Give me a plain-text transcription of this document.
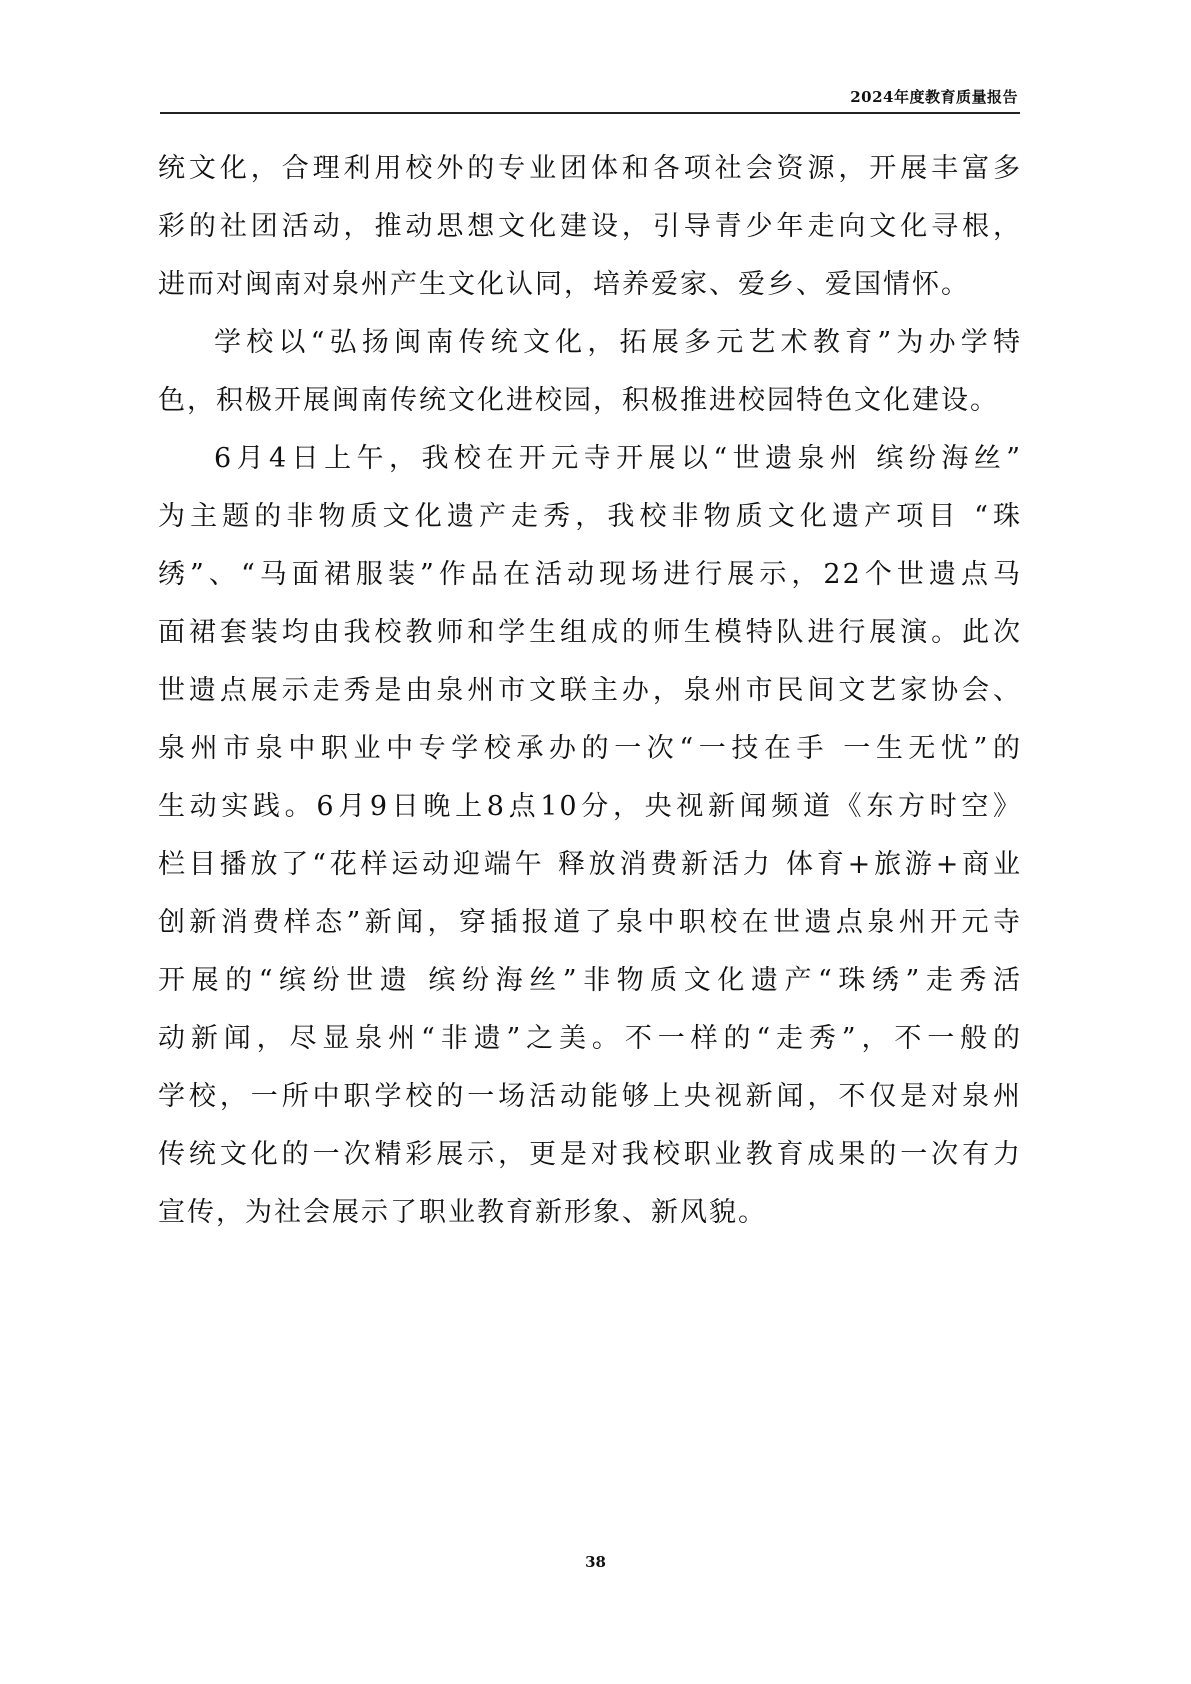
2024年度教育质量报告
统文化，合理利用校外的专业团体和各项社会资源，开展丰富多
彩的社团活动，推动思想文化建设，引导青少年走向文化寻根，
进而对闽南对泉州产生文化认同，培养爱家、爱乡、爱国情怀。
学校以“弘扬闽南传统文化，拓展多元艺术教育”为办学特
色，积极开展闽南传统文化进校园，积极推进校园特色文化建设。
6月4日上午，我校在开元寺开展以“世遗泉州 缤纷海丝”
为主题的非物质文化遗产走秀，我校非物质文化遗产项目 “珠
绣”、“马面裙服装”作品在活动现场进行展示，22个世遗点马
面裙套装均由我校教师和学生组成的师生模特队进行展演。此次
世遗点展示走秀是由泉州市文联主办，泉州市民间文艺家协会、
泉州市泉中职业中专学校承办的一次“一技在手 一生无忧”的
生动实践。6月9日晚上8点10分，央视新闻频道《东方时空》
栏目播放了“花样运动迎端午 释放消费新活力 体育+旅游+商业
创新消费样态”新闻，穿插报道了泉中职校在世遗点泉州开元寺
开展的“缤纷世遗 缤纷海丝”非物质文化遗产“珠绣”走秀活
动新闻，尽显泉州“非遗”之美。不一样的“走秀”，不一般的
学校，一所中职学校的一场活动能够上央视新闻，不仅是对泉州
传统文化的一次精彩展示，更是对我校职业教育成果的一次有力
宣传，为社会展示了职业教育新形象、新风貌。
38
